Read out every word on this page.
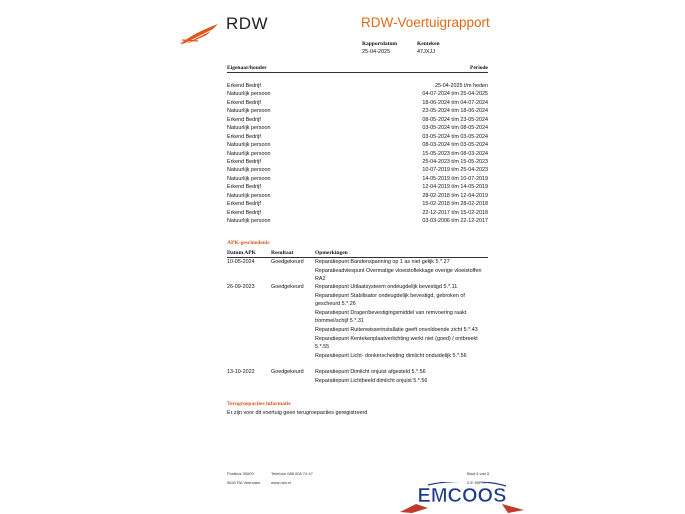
RDW	RDW-Voertuigrapport
Rapportdatum
25-04-2025
Kenteken
47JXJJ
Eigenaar/houder	Periode
Erkend Bedrijf	25-04-2025 t/m heden
Natuurlijk persoon	04-07-2024 t/m 25-04-2025
Erkend Bedrijf	18-06-2024 t/m 04-07-2024
Natuurlijk persoon	23-05-2024 t/m 18-06-2024
Erkend Bedrijf	08-05-2024 t/m 23-05-2024
Natuurlijk persoon	03-05-2024 t/m 08-05-2024
Erkend Bedrijf	03-05-2024 t/m 03-05-2024
Natuurlijk persoon	08-03-2024 t/m 03-05-2024
Natuurlijk persoon	15-05-2023 t/m 08-03-2024
Erkend Bedrijf	25-04-2023 t/m 15-05-2023
Natuurlijk persoon	10-07-2019 t/m 25-04-2023
Natuurlijk persoon	14-05-2019 t/m 10-07-2019
Erkend Bedrijf	12-04-2019 t/m 14-05-2019
Natuurlijk persoon	28-02-2018 t/m 12-04-2019
Erkend Bedrijf	15-02-2018 t/m 28-02-2018
Erkend Bedrijf	22-12-2017 t/m 15-02-2018
Natuurlijk persoon	03-03-2006 t/m 22-12-2017
APK-geschiedenis
Datum APK	Resultaat	Opmerkingen
10-05-2024	Goedgekeurd Reparatiepunt Bandenspanning op 1 as niet gelijk 5.*.27
Reparatieadviespunt Overmatige vloeistoflekkage overige vloeistoffen RA2
26-09-2023	Goedgekeurd Reparatiepunt Uitlaatsysteem ondeugdelijk bevestigd 5.*.11
Reparatiepunt Stabilisator ondeugdelijk bevestigd, gebroken of gescheurd 5.*.26
Reparatiepunt Drager/bevestigingsmiddel van remvoering raakt trommel/schijf 5.*.31
Reparatiepunt Ruitenwisserinstallatie geeft onvoldoende zicht 5.*.43
Reparatiepunt Kentekenplaatverlichting werkt niet (goed) / ontbreekt 5.*.55
Reparatiepunt Licht- donkerscheiding dimlicht onduidelijk 5.*.56
13-10-2022	Goedgekeurd Reparatiepunt Dimlicht onjuist afgesteld 5.*.56
Reparatiepunt Lichtbeeld dimlicht onjuist 5.*.56
Terugroepacties informatie
Er zijn voor dit voertuig geen terugroepacties geregistreerd
Postbus 30000
9640 RA Veendam
Telefoon 088 008 74 47
www.rdw.nl
Blad 4 van 5
2-E 15770
EMCOOS
